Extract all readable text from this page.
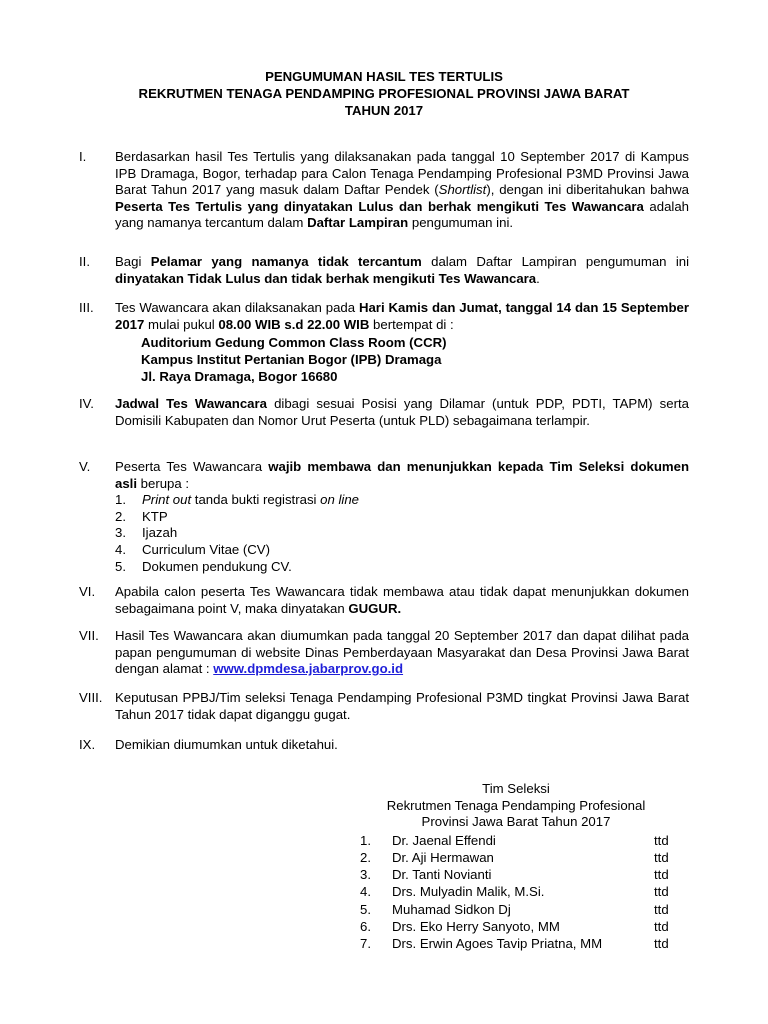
PENGUMUMAN HASIL TES TERTULIS
REKRUTMEN TENAGA PENDAMPING PROFESIONAL PROVINSI JAWA BARAT
TAHUN 2017
I.	Berdasarkan hasil Tes Tertulis yang dilaksanakan pada tanggal 10 September 2017 di Kampus IPB Dramaga, Bogor, terhadap para Calon Tenaga Pendamping Profesional P3MD Provinsi Jawa Barat Tahun 2017 yang masuk dalam Daftar Pendek (Shortlist), dengan ini diberitahukan bahwa Peserta Tes Tertulis yang dinyatakan Lulus dan berhak mengikuti Tes Wawancara adalah yang namanya tercantum dalam Daftar Lampiran pengumuman ini.
II.	Bagi Pelamar yang namanya tidak tercantum dalam Daftar Lampiran pengumuman ini dinyatakan Tidak Lulus dan tidak berhak mengikuti Tes Wawancara.
III.	Tes Wawancara akan dilaksanakan pada Hari Kamis dan Jumat, tanggal 14 dan 15 September 2017 mulai pukul 08.00 WIB s.d 22.00 WIB bertempat di :
Auditorium Gedung Common Class Room (CCR)
Kampus Institut Pertanian Bogor (IPB) Dramaga
Jl. Raya Dramaga, Bogor 16680
IV.	Jadwal Tes Wawancara dibagi sesuai Posisi yang Dilamar (untuk PDP, PDTI, TAPM) serta Domisili Kabupaten dan Nomor Urut Peserta (untuk PLD) sebagaimana terlampir.
V.	Peserta Tes Wawancara wajib membawa dan menunjukkan kepada Tim Seleksi dokumen asli berupa :
1. Print out tanda bukti registrasi on line
2. KTP
3. Ijazah
4. Curriculum Vitae (CV)
5. Dokumen pendukung CV.
VI.	Apabila calon peserta Tes Wawancara tidak membawa atau tidak dapat menunjukkan dokumen sebagaimana point V, maka dinyatakan GUGUR.
VII.	Hasil Tes Wawancara akan diumumkan pada tanggal 20 September 2017 dan dapat dilihat pada papan pengumuman di website Dinas Pemberdayaan Masyarakat dan Desa Provinsi Jawa Barat dengan alamat : www.dpmdesa.jabarprov.go.id
VIII. Keputusan PPBJ/Tim seleksi Tenaga Pendamping Profesional P3MD tingkat Provinsi Jawa Barat Tahun 2017 tidak dapat diganggu gugat.
IX.	Demikian diumumkan untuk diketahui.
Tim Seleksi
Rekrutmen Tenaga Pendamping Profesional
Provinsi Jawa Barat Tahun 2017
1. Dr. Jaenal Effendi	ttd
2. Dr. Aji Hermawan	ttd
3. Dr. Tanti Novianti	ttd
4. Drs. Mulyadin Malik, M.Si.	ttd
5. Muhamad Sidkon Dj	ttd
6. Drs. Eko Herry Sanyoto, MM	ttd
7. Drs. Erwin Agoes Tavip Priatna, MM	ttd
